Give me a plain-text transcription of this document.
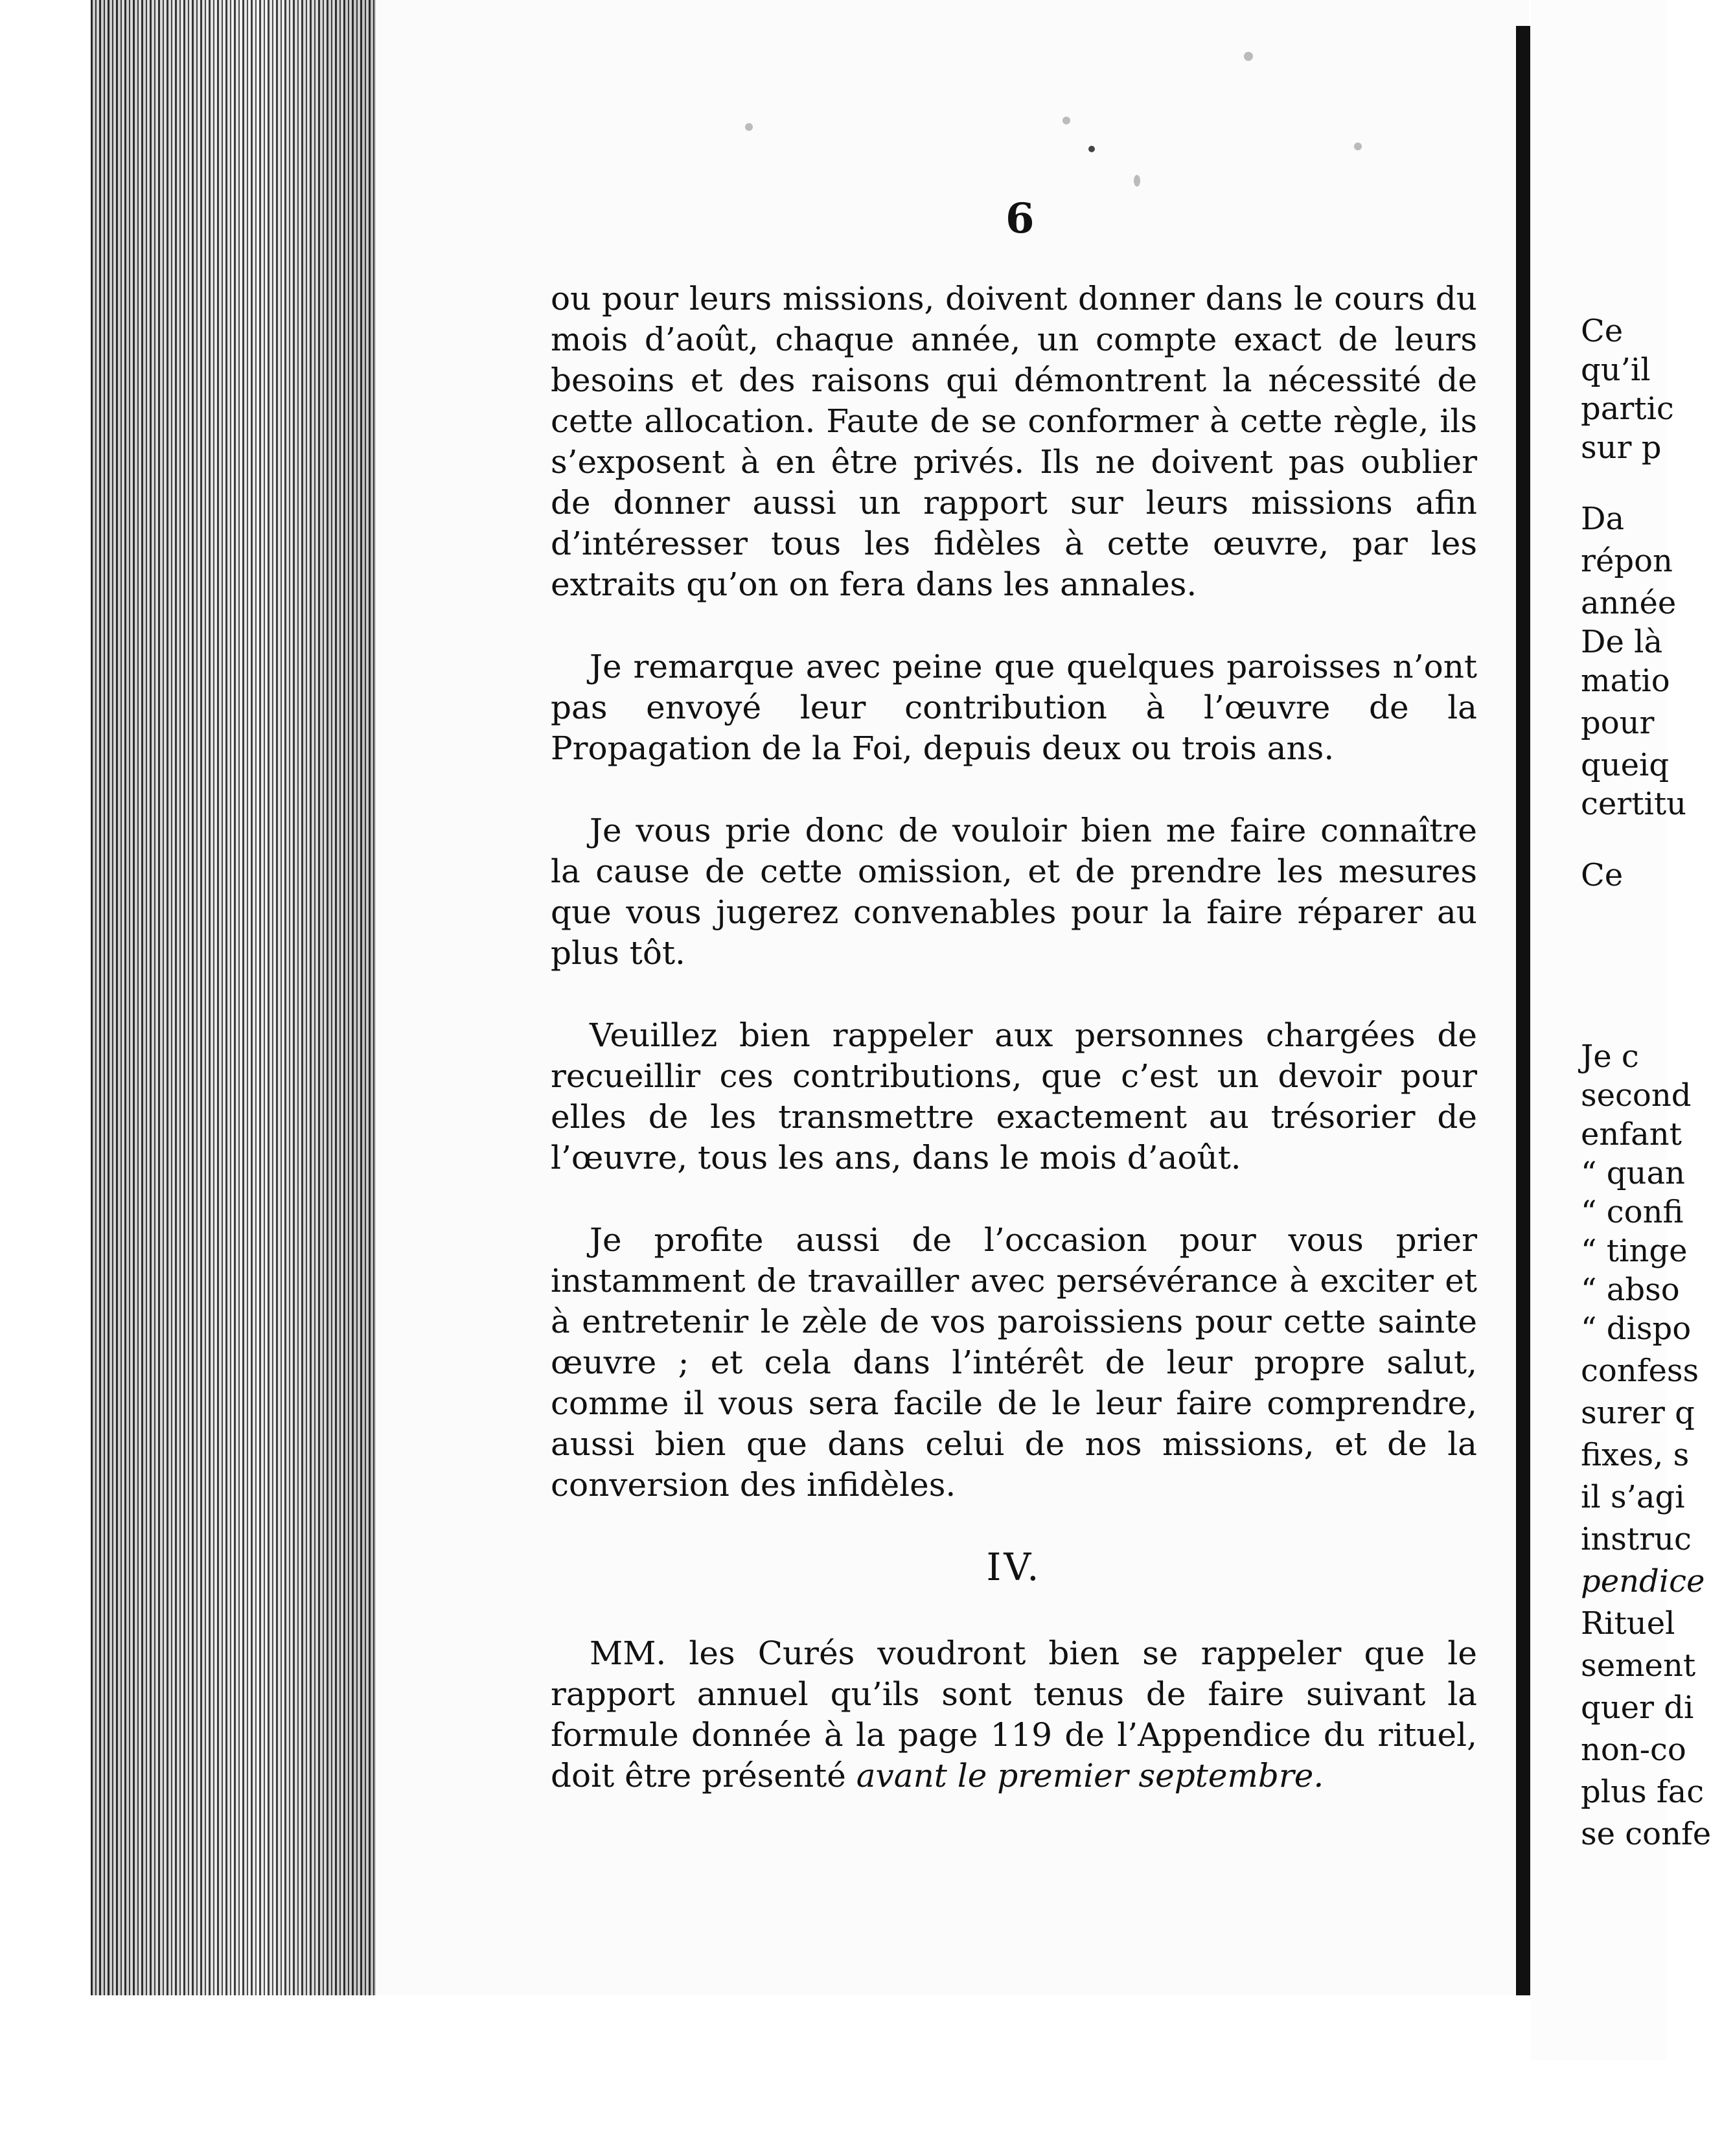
6

ou pour leurs missions, doivent donner dans le cours du mois d’août, chaque année, un compte exact de leurs besoins et des raisons qui démontrent la nécessité de cette allocation. Faute de se conformer à cette règle, ils s’exposent à en être privés. Ils ne doivent pas oublier de donner aussi un rapport sur leurs missions afin d’intéresser tous les fidèles à cette œuvre, par les extraits qu’on on fera dans les annales.

Je remarque avec peine que quelques paroisses n’ont pas envoyé leur contribution à l’œuvre de la Propagation de la Foi, depuis deux ou trois ans.

Je vous prie donc de vouloir bien me faire connaître la cause de cette omission, et de prendre les mesures que vous jugerez convenables pour la faire réparer au plus tôt.

Veuillez bien rappeler aux personnes chargées de recueillir ces contributions, que c’est un devoir pour elles de les transmettre exactement au trésorier de l’œuvre, tous les ans, dans le mois d’août.

Je profite aussi de l’occasion pour vous prier instamment de travailler avec persévérance à exciter et à entretenir le zèle de vos paroissiens pour cette sainte œuvre ; et cela dans l’intérêt de leur propre salut, comme il vous sera facile de le leur faire comprendre, aussi bien que dans celui de nos missions, et de la conversion des infidèles.

IV.

MM. les Curés voudront bien se rappeler que le rapport annuel qu’ils sont tenus de faire suivant la formule donnée à la page 119 de l’Appendice du rituel, doit être présenté avant le premier septembre.

Ce
qu’il
partic
sur p
Da
répon
année
De là
matio
pour
queiq
certitu
Ce
Je c
second
enfant
“ quan
“ confi
“ tinge
“ abso
“ dispo
confess
surer q
fixes, s
il s’agi
instruc
pendice
Rituel
sement
quer di
non-co
plus fac
se confe
